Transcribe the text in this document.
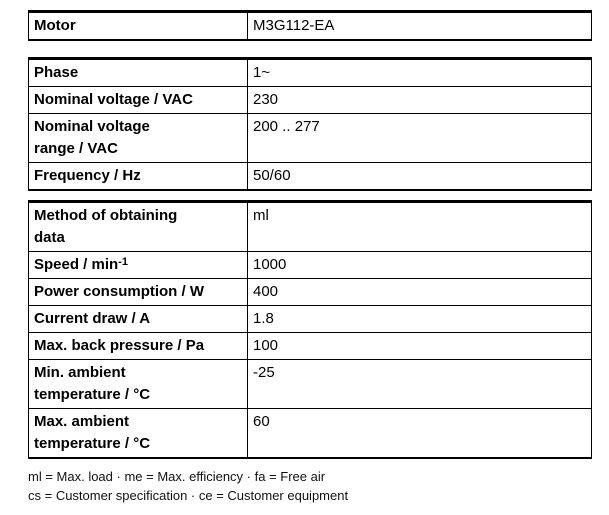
Motor	M3G112-EA
Phase	1~
Nominal voltage / VAC	230
Nominal voltage
range / VAC	200 .. 277
Frequency / Hz	50/60
Method of obtaining
data	ml
Speed / $\min^{-1}$	1000
Power consumption / W	400
Current draw / A	1.8
Max. back pressure / Pa	100
Min. ambient
temperature / °C	-25
Max. ambient
temperature / °C	60
ml = Max. load · me = Max. efficiency · fa = Free air
cs = Customer specification · ce = Customer equipment
